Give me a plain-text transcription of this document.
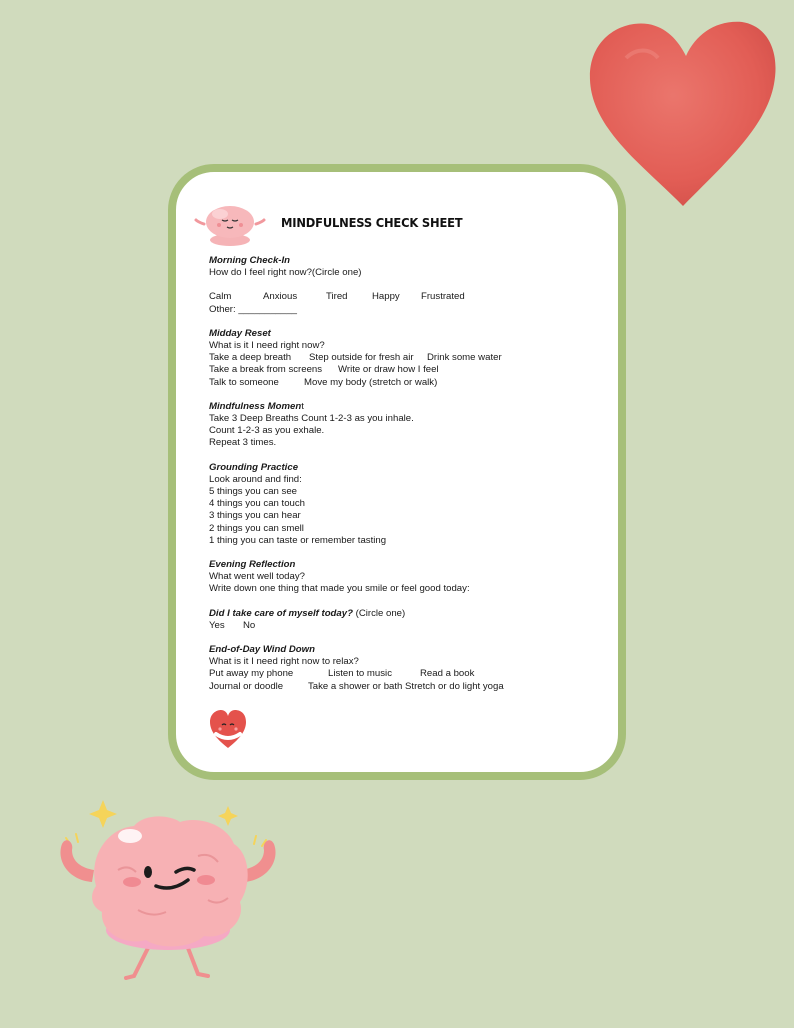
MINDFULNESS CHECK SHEET
Morning Check-In
How do I feel right now?(Circle one)
Calm	Anxious	Tired	Happy Frustrated
Other: ___________
Midday Reset
What is it I need right now?
Take a deep breath Step outside for fresh air Drink some water
Take a break from screens Write or draw how I feel
Talk to someone	Move my body (stretch or walk)
Mindfulness Moment
Take 3 Deep Breaths Count 1-2-3 as you inhale.
Count 1-2-3 as you exhale.
Repeat 3 times.
Grounding Practice
Look around and find:
5 things you can see
4 things you can touch
3 things you can hear
2 things you can smell
1 thing you can taste or remember tasting
Evening Reflection
What went well today?
Write down one thing that made you smile or feel good today:
Did I take care of myself today? (Circle one)
Yes No
End-of-Day Wind Down
What is it I need right now to relax?
Put away my phone	Listen to music	Read a book
Journal or doodle	Take a shower or bath Stretch or do light yoga
